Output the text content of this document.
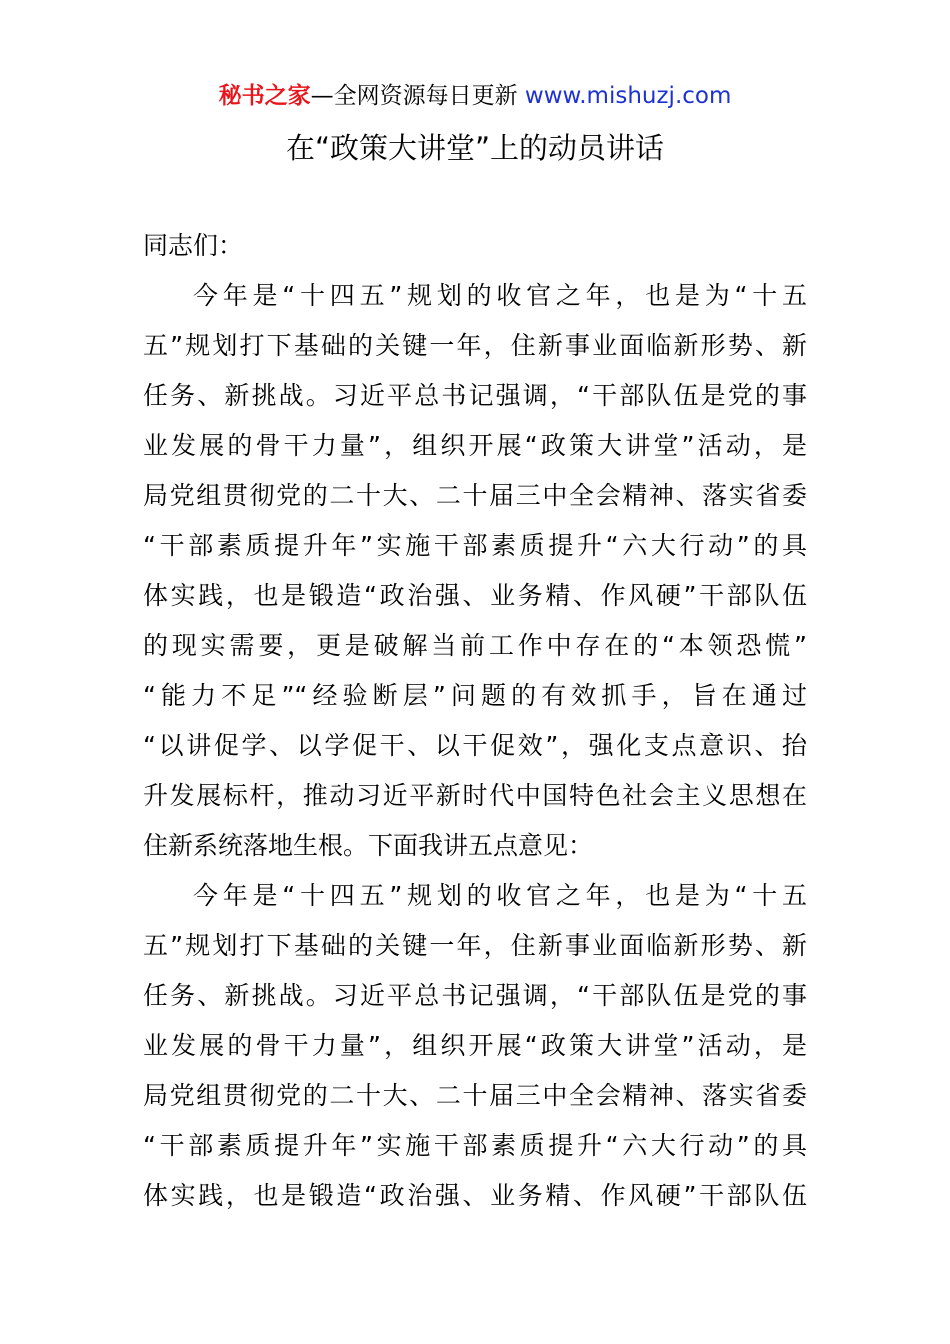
秘书之家—全网资源每日更新 www.mishuzj.com
在“政策大讲堂”上的动员讲话
同志们：
今年是“十四五”规划的收官之年，也是为“十五
五”规划打下基础的关键一年，住新事业面临新形势、新
任务、新挑战。习近平总书记强调，“干部队伍是党的事
业发展的骨干力量”，组织开展“政策大讲堂”活动，是
局党组贯彻党的二十大、二十届三中全会精神、落实省委
“干部素质提升年”实施干部素质提升“六大行动”的具
体实践，也是锻造“政治强、业务精、作风硬”干部队伍
的现实需要，更是破解当前工作中存在的“本领恐慌”
“能力不足”“经验断层”问题的有效抓手，旨在通过
“以讲促学、以学促干、以干促效”，强化支点意识、抬
升发展标杆，推动习近平新时代中国特色社会主义思想在
住新系统落地生根。下面我讲五点意见：
今年是“十四五”规划的收官之年，也是为“十五
五”规划打下基础的关键一年，住新事业面临新形势、新
任务、新挑战。习近平总书记强调，“干部队伍是党的事
业发展的骨干力量”，组织开展“政策大讲堂”活动，是
局党组贯彻党的二十大、二十届三中全会精神、落实省委
“干部素质提升年”实施干部素质提升“六大行动”的具
体实践，也是锻造“政治强、业务精、作风硬”干部队伍
